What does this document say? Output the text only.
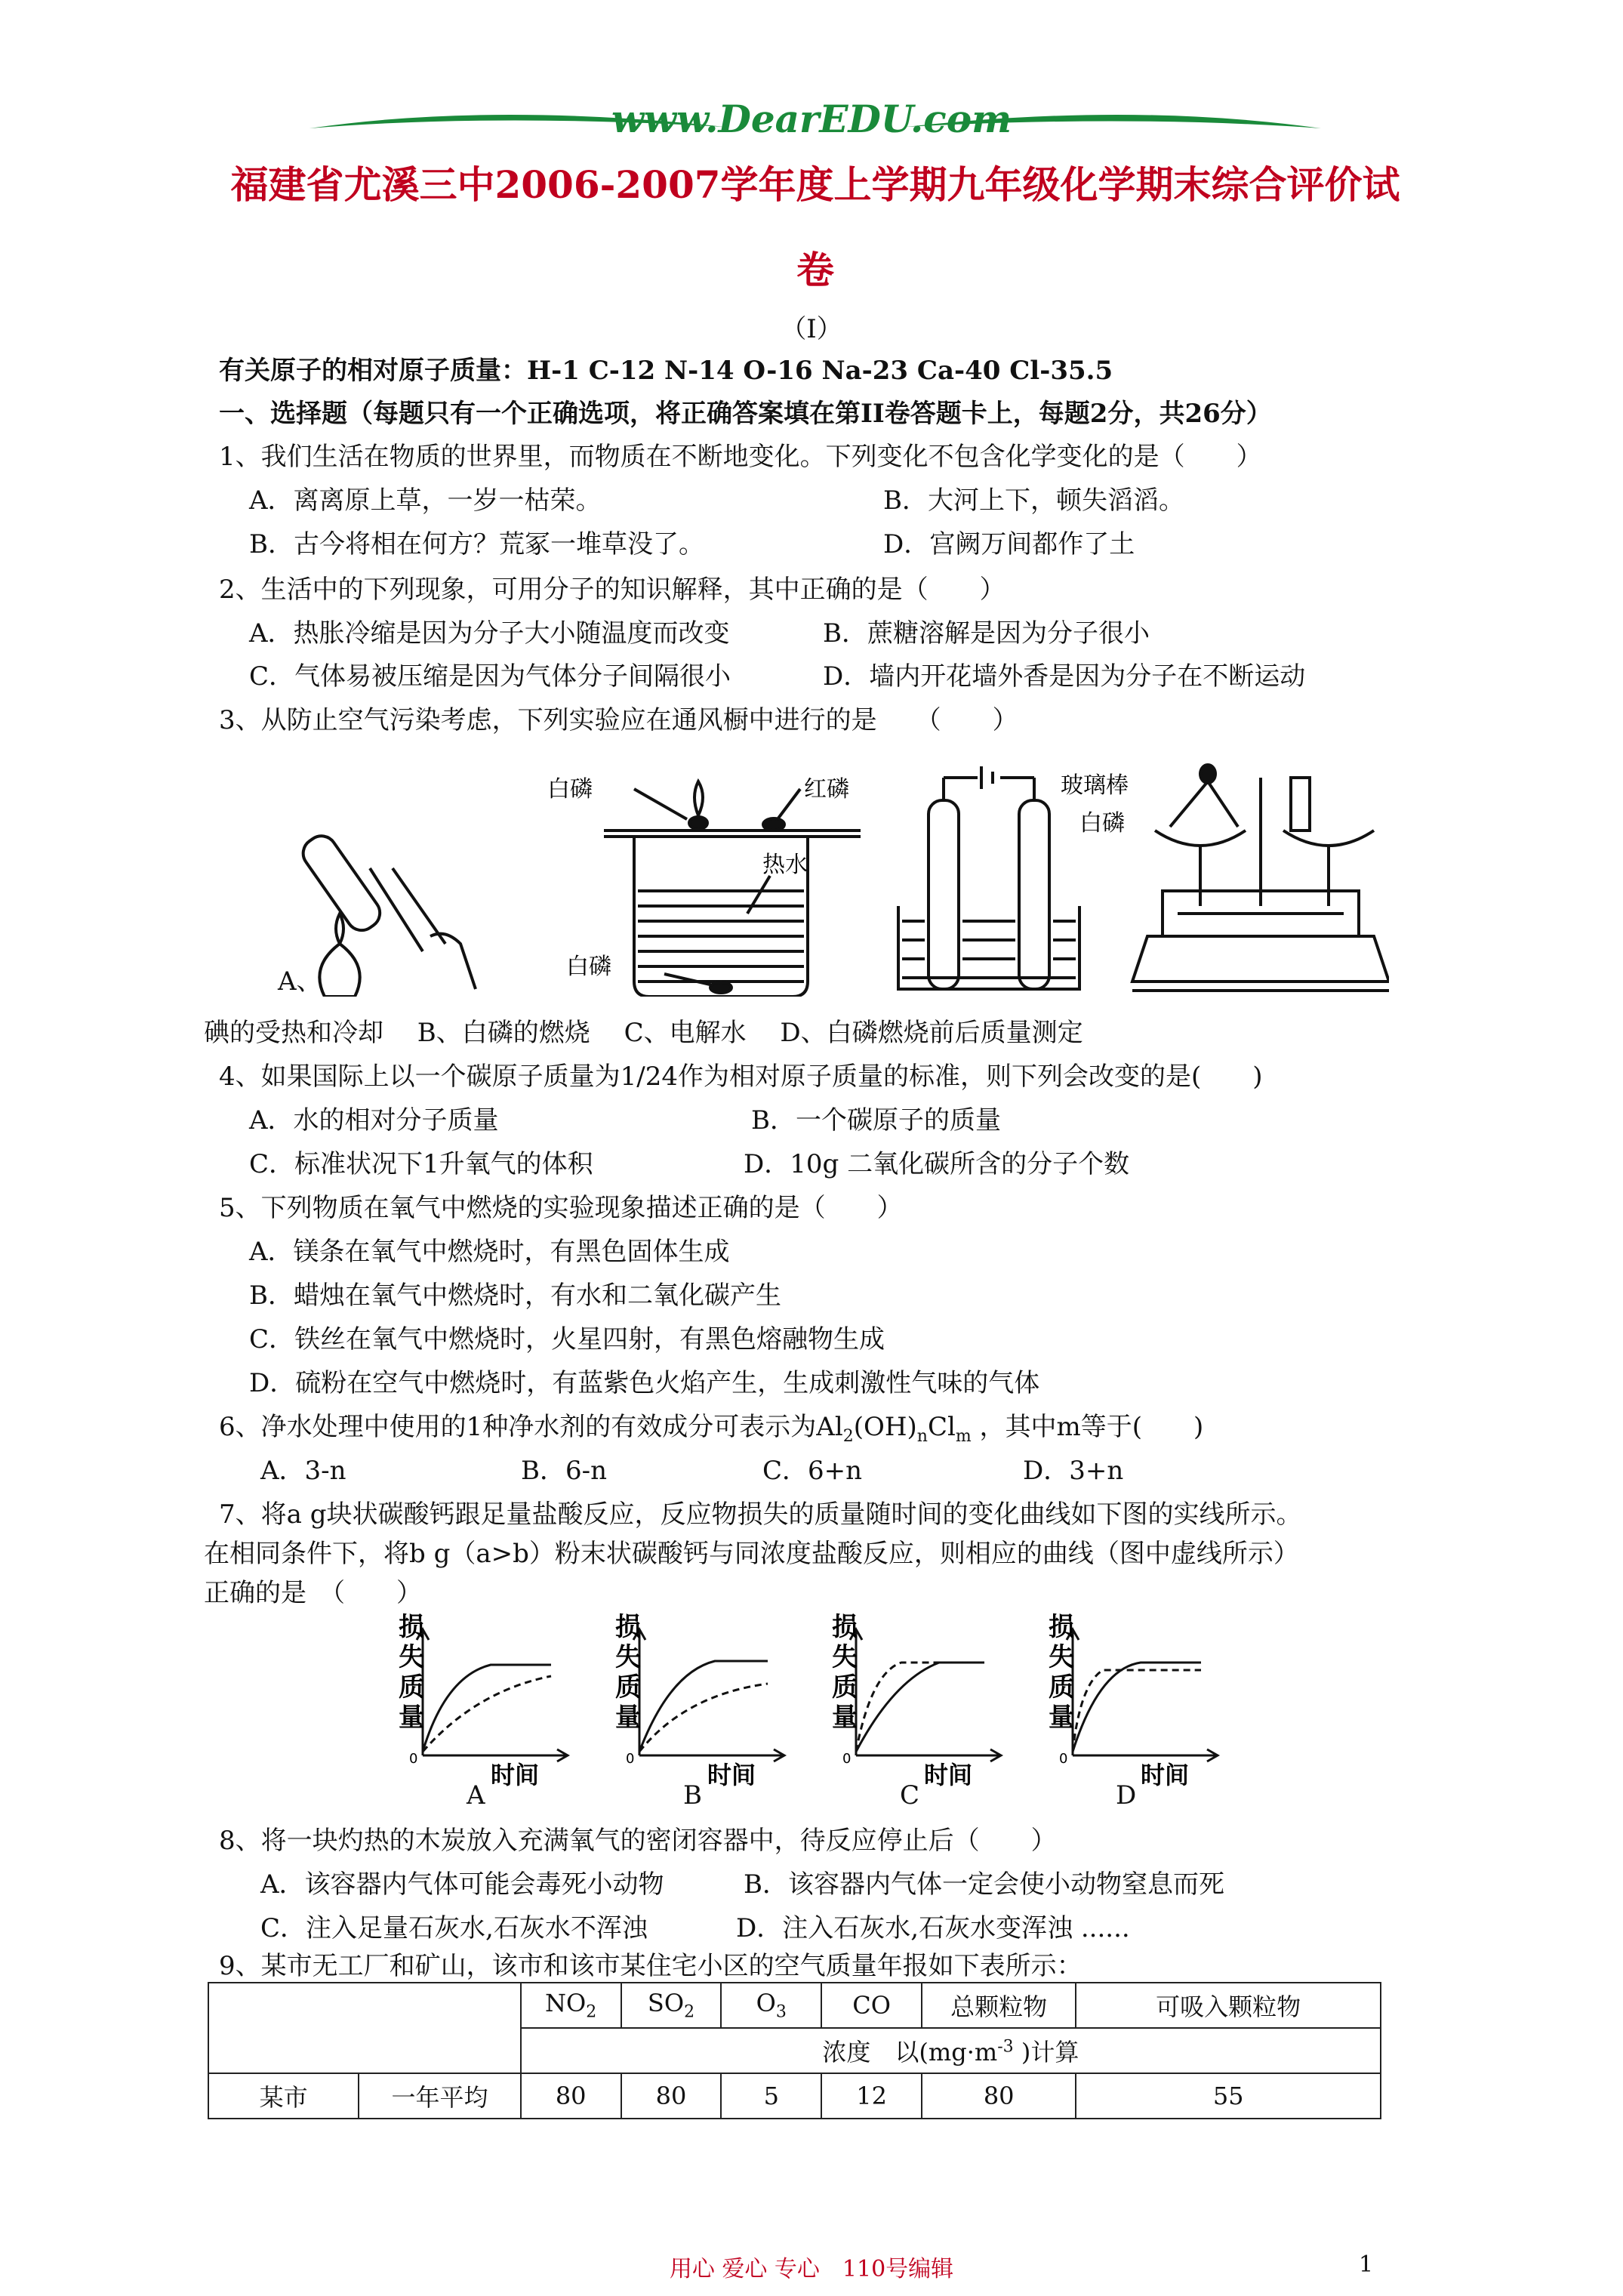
www.DearEDU.com
福建省尤溪三中2006-2007学年度上学期九年级化学期末综合评价试
卷
（I）
有关原子的相对原子质量：H-1 C-12 N-14 O-16 Na-23 Ca-40 Cl-35.5
一、选择题（每题只有一个正确选项，将正确答案填在第II卷答题卡上，每题2分，共26分）
1、我们生活在物质的世界里，而物质在不断地变化。下列变化不包含化学变化的是（　　）
A．离离原上草，一岁一枯荣。	B．大河上下，顿失滔滔。
B．古今将相在何方？荒冢一堆草没了。	D．宫阙万间都作了土
2、生活中的下列现象，可用分子的知识解释，其中正确的是（　　）
A．热胀冷缩是因为分子大小随温度而改变	B．蔗糖溶解是因为分子很小
C．气体易被压缩是因为气体分子间隔很小	D．墙内开花墙外香是因为分子在不断运动
3、从防止空气污染考虑，下列实验应在通风橱中进行的是　　（　　）
白磷	红磷
热水
白磷
玻璃棒
白磷
A、
碘的受热和冷却　 B、白磷的燃烧　 C、电解水　 D、白磷燃烧前后质量测定
4、如果国际上以一个碳原子质量为1/24作为相对原子质量的标准，则下列会改变的是(　　)
A．水的相对分子质量	B．一个碳原子的质量
C．标准状况下1升氧气的体积	D．10g 二氧化碳所含的分子个数
5、下列物质在氧气中燃烧的实验现象描述正确的是（　　）
A．镁条在氧气中燃烧时，有黑色固体生成
B．蜡烛在氧气中燃烧时，有水和二氧化碳产生
C．铁丝在氧气中燃烧时，火星四射，有黑色熔融物生成
D．硫粉在空气中燃烧时，有蓝紫色火焰产生，生成刺激性气味的气体
6、净水处理中使用的1种净水剂的有效成分可表示为$Al_2(OH)_nCl_m$ ，其中m等于(　　)
A．3-n	B．6-n	C．6+n	D．3+n
7、将a g块状碳酸钙跟足量盐酸反应，反应物损失的质量随时间的变化曲线如下图的实线所示。
在相同条件下，将b g（a>b）粉末状碳酸钙与同浓度盐酸反应，则相应的曲线（图中虚线所示）
正确的是　（　　）
损
失
质
量
0
时间
损
失
质
量
0
时间
损
失
质
量
0
时间
损
失
质
量
0
时间
A	B	C	D
8、将一块灼热的木炭放入充满氧气的密闭容器中，待反应停止后（　　）
A．该容器内气体可能会毒死小动物	B．该容器内气体一定会使小动物窒息而死
C．注入足量石灰水,石灰水不浑浊	D．注入石灰水,石灰水变浑浊 ......
9、某市无工厂和矿山，该市和该市某住宅小区的空气质量年报如下表所示：
		$NO_2$	$SO_2$	$O_3$	CO	总颗粒物	可吸入颗粒物
		浓度　以($mg\cdot m^{-3}$ )计算					
某市	一年平均	80	80	5	12	80	55
用心 爱心 专心　110号编辑	1
